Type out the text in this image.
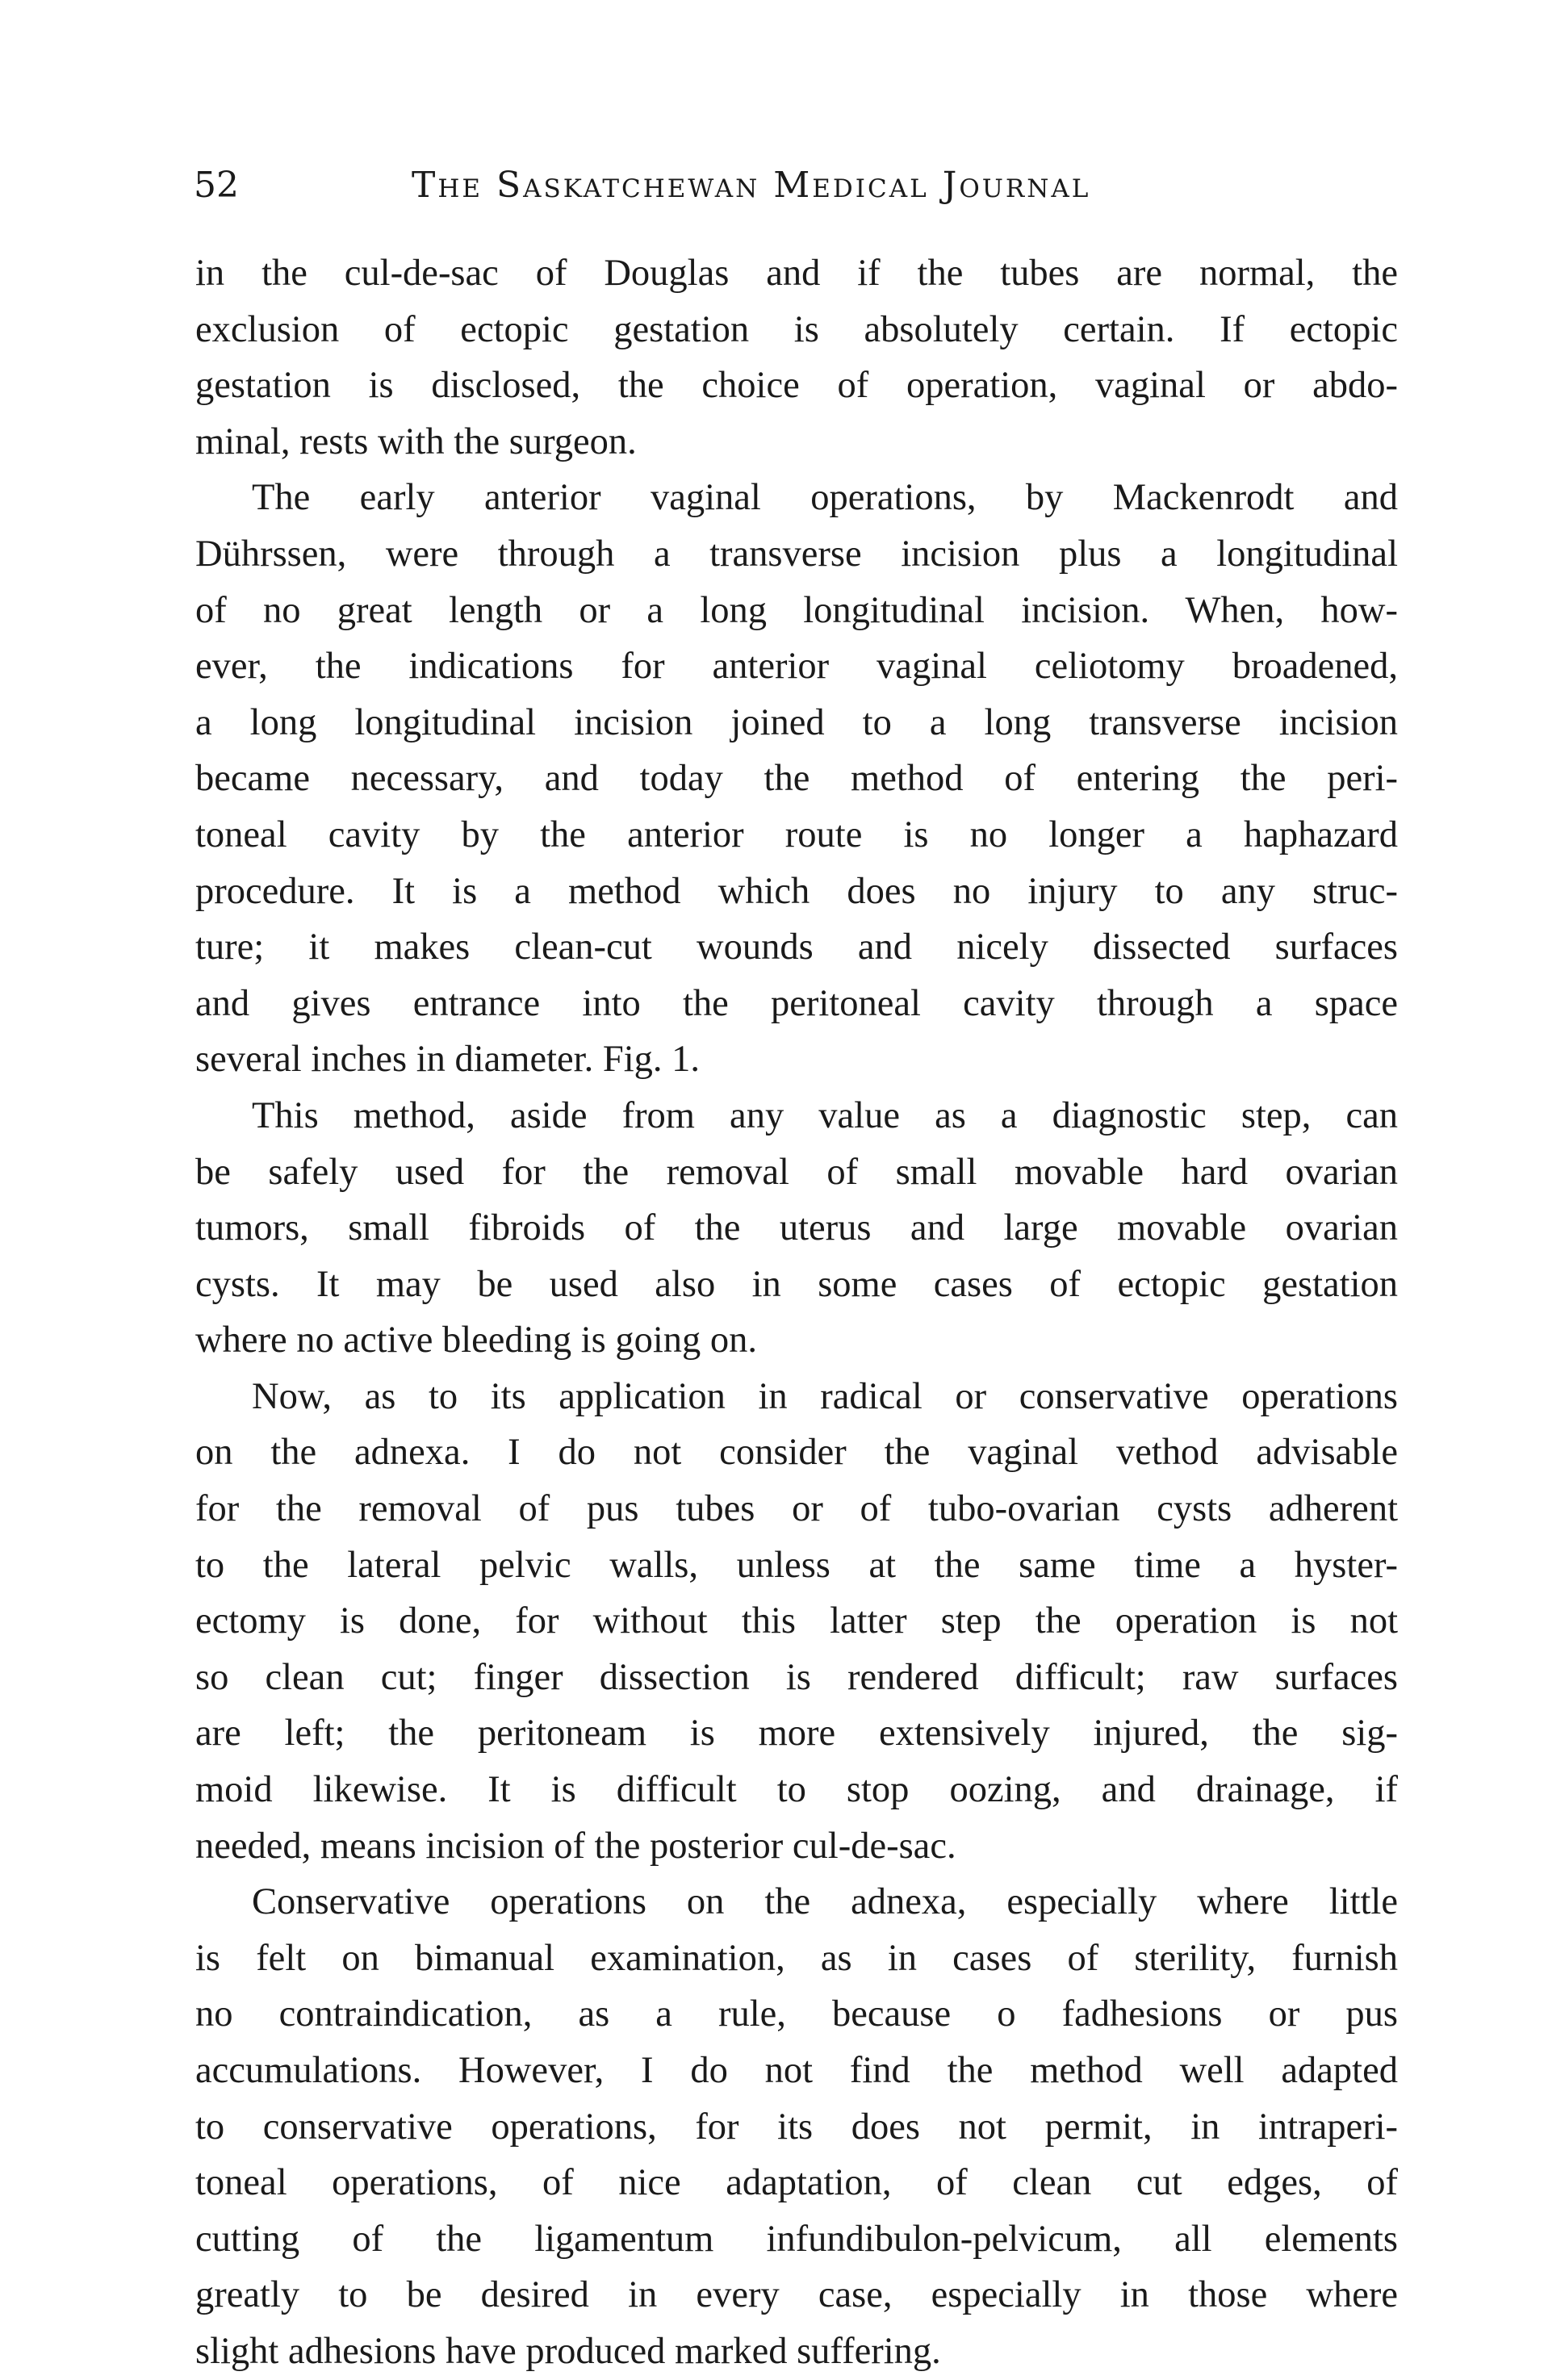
52	The Saskatchewan Medical Journal
in the cul-de-sac of Douglas and if the tubes are normal, the
exclusion of ectopic gestation is absolutely certain. If ectopic
gestation is disclosed, the choice of operation, vaginal or abdo-
minal, rests with the surgeon.
The early anterior vaginal operations, by Mackenrodt and
Dührssen, were through a transverse incision plus a longitudinal
of no great length or a long longitudinal incision. When, how-
ever, the indications for anterior vaginal celiotomy broadened,
a long longitudinal incision joined to a long transverse incision
became necessary, and today the method of entering the peri-
toneal cavity by the anterior route is no longer a haphazard
procedure. It is a method which does no injury to any struc-
ture; it makes clean-cut wounds and nicely dissected surfaces
and gives entrance into the peritoneal cavity through a space
several inches in diameter. Fig. 1.
This method, aside from any value as a diagnostic step, can
be safely used for the removal of small movable hard ovarian
tumors, small fibroids of the uterus and large movable ovarian
cysts. It may be used also in some cases of ectopic gestation
where no active bleeding is going on.
Now, as to its application in radical or conservative operations
on the adnexa. I do not consider the vaginal vethod advisable
for the removal of pus tubes or of tubo-ovarian cysts adherent
to the lateral pelvic walls, unless at the same time a hyster-
ectomy is done, for without this latter step the operation is not
so clean cut; finger dissection is rendered difficult; raw surfaces
are left; the peritoneam is more extensively injured, the sig-
moid likewise. It is difficult to stop oozing, and drainage, if
needed, means incision of the posterior cul-de-sac.
Conservative operations on the adnexa, especially where little
is felt on bimanual examination, as in cases of sterility, furnish
no contraindication, as a rule, because o fadhesions or pus
accumulations. However, I do not find the method well adapted
to conservative operations, for its does not permit, in intraperi-
toneal operations, of nice adaptation, of clean cut edges, of
cutting of the ligamentum infundibulon-pelvicum, all elements
greatly to be desired in every case, especially in those where
slight adhesions have produced marked suffering.
